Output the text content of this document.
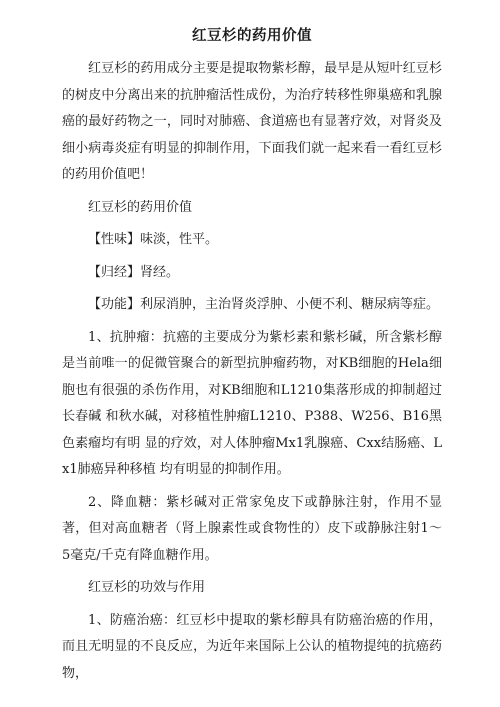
红豆杉的药用价值

红豆杉的药用成分主要是提取物紫杉醇，最早是从短叶红豆杉的树皮中分离出来的抗肿瘤活性成份，为治疗转移性卵巢癌和乳腺癌的最好药物之一，同时对肺癌、食道癌也有显著疗效，对肾炎及细小病毒炎症有明显的抑制作用，下面我们就一起来看一看红豆杉的药用价值吧！

红豆杉的药用价值

【性味】味淡，性平。

【归经】肾经。

【功能】利尿消肿，主治肾炎浮肿、小便不利、糖尿病等症。

1、抗肿瘤：抗癌的主要成分为紫杉素和紫杉碱，所含紫杉醇是当前唯一的促微管聚合的新型抗肿瘤药物，对KB细胞的Hela细胞也有很强的杀伤作用，对KB细胞和L1210集落形成的抑制超过长春碱 和秋水碱，对移植性肿瘤L1210、P388、W256、B16黑色素瘤均有明 显的疗效，对人体肿瘤Mx1乳腺癌、Cxx结肠癌、Lx1肺癌异种移植 均有明显的抑制作用。

2、降血糖：紫杉碱对正常家兔皮下或静脉注射，作用不显著，但对高血糖者（肾上腺素性或食物性的）皮下或静脉注射1～5毫克/千克有降血糖作用。

红豆杉的功效与作用

1、防癌治癌：红豆杉中提取的紫杉醇具有防癌治癌的作用，而且无明显的不良反应，为近年来国际上公认的植物提纯的抗癌药物，
